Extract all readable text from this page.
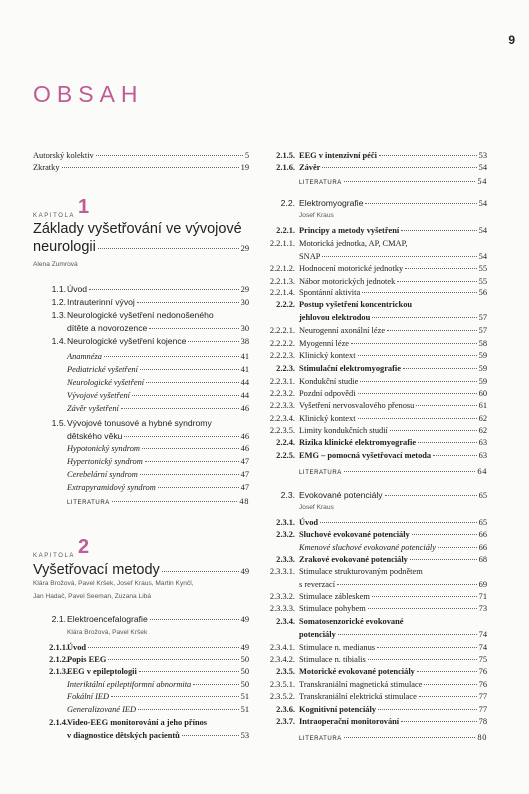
9
OBSAH
Autorský kolektiv	5
Zkratky	19
KAPITOLA 1
Základy vyšetřování ve vývojové
neurologii	29
Alena Zumrová
KAPITOLA 2
Vyšetřovací metody	49
Klára Brožová, Pavel Kršek, Josef Kraus, Martin Kynčl,
Jan Hadač, Pavel Seeman, Zuzana Libá
1.1. Úvod	29
1.2. Intrauterinní vývoj	30
1.3. Neurologické vyšetření nedonošeného
dítěte a novorozence	30
1.4. Neurologické vyšetření kojence	38
Anamnéza	41
Pediatrické vyšetření	41
Neurologické vyšetření	44
Vývojové vyšetření	44
Závěr vyšetření	46
1.5. Vývojové tonusové a hybné syndromy
dětského věku	46
Hypotonický syndrom	46
Hypertonický syndrom	47
Cerebelární syndrom	47
Extrapyramidový syndrom	47
LITERATURA	48
2.1. Elektroencefalografie	49
Klára Brožová, Pavel Kršek
2.1.1. Úvod	49
2.1.2. Popis EEG	50
2.1.3. EEG v epileptologii	50
Interiktální epileptiformní abnormita	50
Fokální IED	51
Generalizované IED	51
2.1.4. Video-EEG monitorování a jeho přínos
v diagnostice dětských pacientů	53
2.1.5. EEG v intenzivní péči	53
2.1.6. Závěr	54
LITERATURA	54
2.2. Elektromyografie	54
Josef Kraus
2.2.1. Principy a metody vyšetření	54
2.2.1.1. Motorická jednotka, AP, CMAP,
SNAP	54
2.2.1.2. Hodnocení motorické jednotky	55
2.2.1.3. Nábor motorických jednotek	55
2.2.1.4. Spontánní aktivita	56
2.2.2. Postup vyšetření koncentrickou
jehlovou elektrodou	57
2.2.2.1. Neurogenní axonální léze	57
2.2.2.2. Myogenní léze	58
2.2.2.3. Klinický kontext	59
2.2.3. Stimulační elektromyografie	59
2.2.3.1. Kondukční studie	59
2.2.3.2. Pozdní odpovědi	60
2.2.3.3. Vyšetření nervosvalového přenosu	61
2.2.3.4. Klinický kontext	62
2.2.3.5. Limity kondukčních studií	62
2.2.4. Rizika klinické elektromyografie	63
2.2.5. EMG – pomocná vyšetřovací metoda	63
LITERATURA	64
2.3. Evokované potenciály	65
Josef Kraus
2.3.1. Úvod	65
2.3.2. Sluchové evokované potenciály	66
Kmenové sluchové evokované potenciály	66
2.3.3. Zrakové evokované potenciály	68
2.3.3.1. Stimulace strukturovaným podnětem
s reverzací	69
2.3.3.2. Stimulace zábleskem	71
2.3.3.3. Stimulace pohybem	73
2.3.4. Somatosenzorické evokované
potenciály	74
2.3.4.1. Stimulace n. medianus	74
2.3.4.2. Stimulace n. tibialis	75
2.3.5. Motorické evokované potenciály	76
2.3.5.1. Transkraniální magnetická stimulace	76
2.3.5.2. Transkraniální elektrická stimulace	77
2.3.6. Kognitivní potenciály	77
2.3.7. Intraoperační monitorování	78
LITERATURA	80
